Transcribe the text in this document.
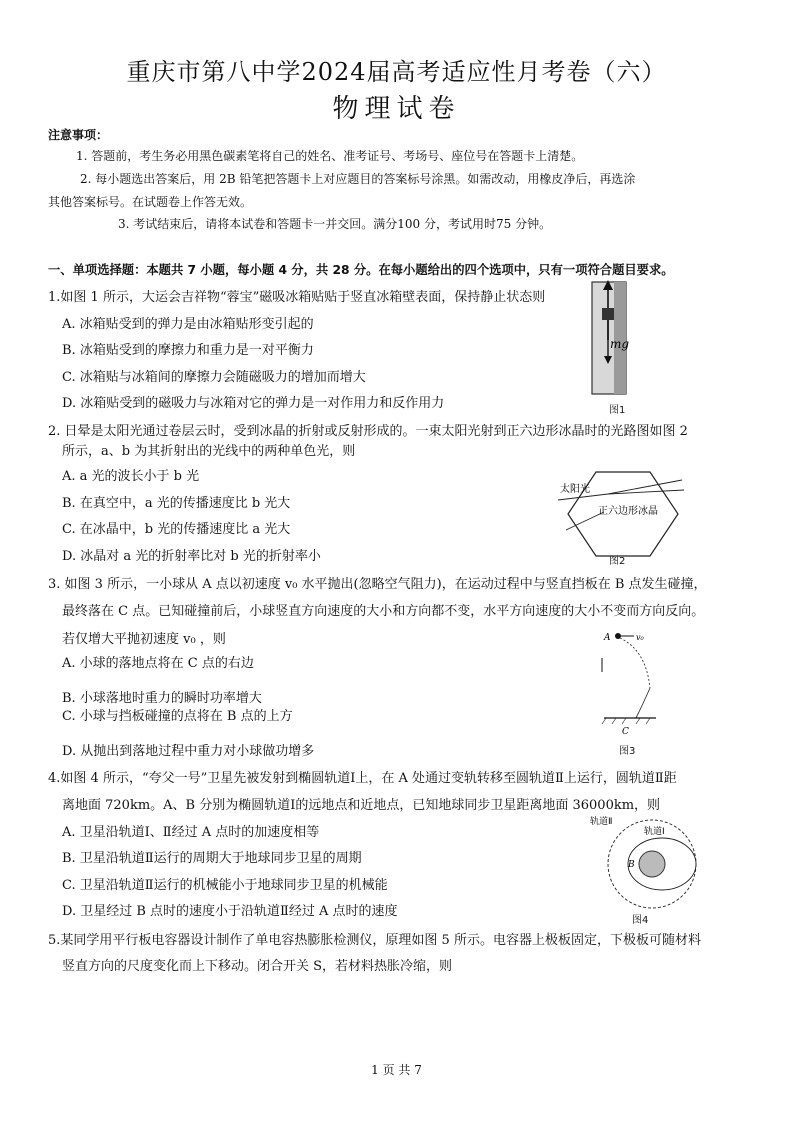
重庆市第八中学2024届高考适应性月考卷（六）
物理试卷
注意事项：
1. 答题前，考生务必用黑色碳素笔将自己的姓名、准考证号、考场号、座位号在答题卡上清楚。
2. 每小题选出答案后，用 2B 铅笔把答题卡上对应题目的答案标号涂黑。如需改动，用橡皮净后，再选涂
其他答案标号。在试题卷上作答无效。
3. 考试结束后，请将本试卷和答题卡一并交回。满分100 分，考试用时75 分钟。
一、单项选择题：本题共 7 小题，每小题 4 分，共 28 分。在每小题给出的四个选项中，只有一项符合题目要求。
1.如图 1 所示，大运会吉祥物“蓉宝”磁吸冰箱贴贴于竖直冰箱壁表面，保持静止状态则
A. 冰箱贴受到的弹力是由冰箱贴形变引起的
B. 冰箱贴受到的摩擦力和重力是一对平衡力
C. 冰箱贴与冰箱间的摩擦力会随磁吸力的增加而增大
D. 冰箱贴受到的磁吸力与冰箱对它的弹力是一对作用力和反作用力
mg
图1
2. 日晕是太阳光通过卷层云时，受到冰晶的折射或反射形成的。一束太阳光射到正六边形冰晶时的光路图如图 2
所示，a、b 为其折射出的光线中的两种单色光，则
A. a 光的波长小于 b 光
B. 在真空中，a 光的传播速度比 b 光大
C. 在冰晶中，b 光的传播速度比 a 光大
D. 冰晶对 a 光的折射率比对 b 光的折射率小
太阳光
正六边形冰晶
图2
3. 如图 3 所示，一小球从 A 点以初速度 v₀ 水平抛出(忽略空气阻力)，在运动过程中与竖直挡板在 B 点发生碰撞，
最终落在 C 点。已知碰撞前后，小球竖直方向速度的大小和方向都不变，水平方向速度的大小不变而方向反向。
若仅增大平抛初速度 v₀ ，则
A. 小球的落地点将在 C 点的右边
B. 小球落地时重力的瞬时功率增大
C. 小球与挡板碰撞的点将在 B 点的上方
D. 从抛出到落地过程中重力对小球做功增多
A	v₀
C
图3
4.如图 4 所示，“夸父一号”卫星先被发射到椭圆轨道Ⅰ上，在 A 处通过变轨转移至圆轨道Ⅱ上运行，圆轨道Ⅱ距
离地面 720km。A、B 分别为椭圆轨道Ⅰ的远地点和近地点，已知地球同步卫星距离地面 36000km，则
A. 卫星沿轨道Ⅰ、Ⅱ经过 A 点时的加速度相等
B. 卫星沿轨道Ⅱ运行的周期大于地球同步卫星的周期
C. 卫星沿轨道Ⅱ运行的机械能小于地球同步卫星的机械能
D. 卫星经过 B 点时的速度小于沿轨道Ⅱ经过 A 点时的速度
轨道Ⅱ
轨道Ⅰ
B
图4
5.某同学用平行板电容器设计制作了单电容热膨胀检测仪，原理如图 5 所示。电容器上极板固定，下极板可随材料
竖直方向的尺度变化而上下移动。闭合开关 S，若材料热胀冷缩，则
1 页 共 7
